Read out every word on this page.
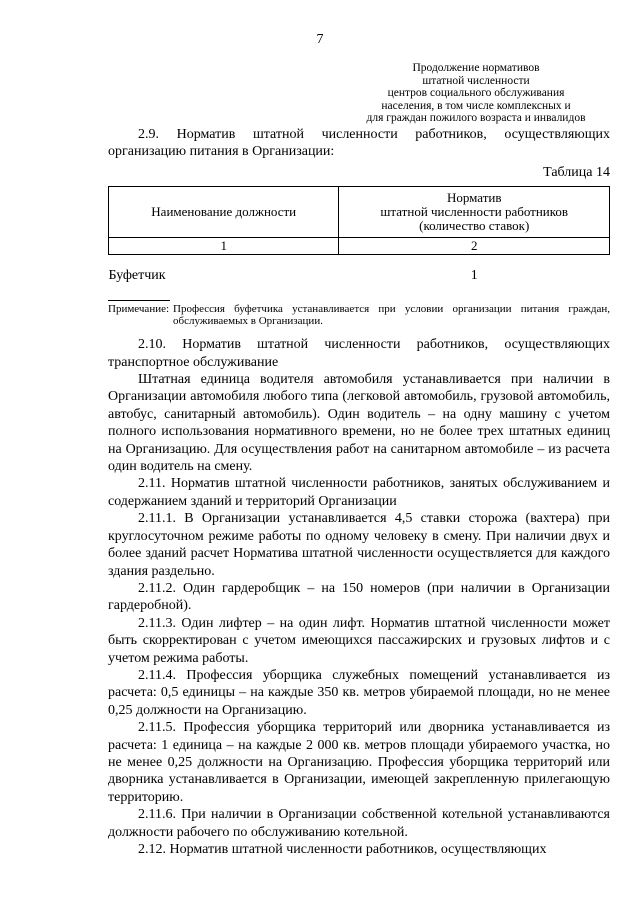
7
Продолжение нормативов
штатной численности
центров социального обслуживания
населения, в том числе комплексных и
для граждан пожилого возраста и инвалидов

2.9. Норматив штатной численности работников, осуществляющих организацию питания в Организации:

Таблица 14
Наименование должности	Норматив
штатной численности работников
(количество ставок)

1	2
Буфетчик	1
Примечание: Профессия буфетчика устанавливается при условии организации питания граждан, обслуживаемых в Организации.

2.10. Норматив штатной численности работников, осуществляющих транспортное обслуживание

Штатная единица водителя автомобиля устанавливается при наличии в Организации автомобиля любого типа (легковой автомобиль, грузовой автомобиль, автобус, санитарный автомобиль). Один водитель – на одну машину с учетом полного использования нормативного времени, но не более трех штатных единиц на Организацию. Для осуществления работ на санитарном автомобиле – из расчета один водитель на смену.

2.11. Норматив штатной численности работников, занятых обслуживанием и содержанием зданий и территорий Организации

2.11.1. В Организации устанавливается 4,5 ставки сторожа (вахтера) при круглосуточном режиме работы по одному человеку в смену. При наличии двух и более зданий расчет Норматива штатной численности осуществляется для каждого здания раздельно.

2.11.2. Один гардеробщик – на 150 номеров (при наличии в Организации гардеробной).

2.11.3. Один лифтер – на один лифт. Норматив штатной численности может быть скорректирован с учетом имеющихся пассажирских и грузовых лифтов и с учетом режима работы.

2.11.4. Профессия уборщика служебных помещений устанавливается из расчета: 0,5 единицы – на каждые 350 кв. метров убираемой площади, но не менее 0,25 должности на Организацию.

2.11.5. Профессия уборщика территорий или дворника устанавливается из расчета: 1 единица – на каждые 2 000 кв. метров площади убираемого участка, но не менее 0,25 должности на Организацию. Профессия уборщика территорий или дворника устанавливается в Организации, имеющей закрепленную прилегающую территорию.

2.11.6. При наличии в Организации собственной котельной устанавливаются должности рабочего по обслуживанию котельной.

2.12. Норматив штатной численности работников, осуществляющих
